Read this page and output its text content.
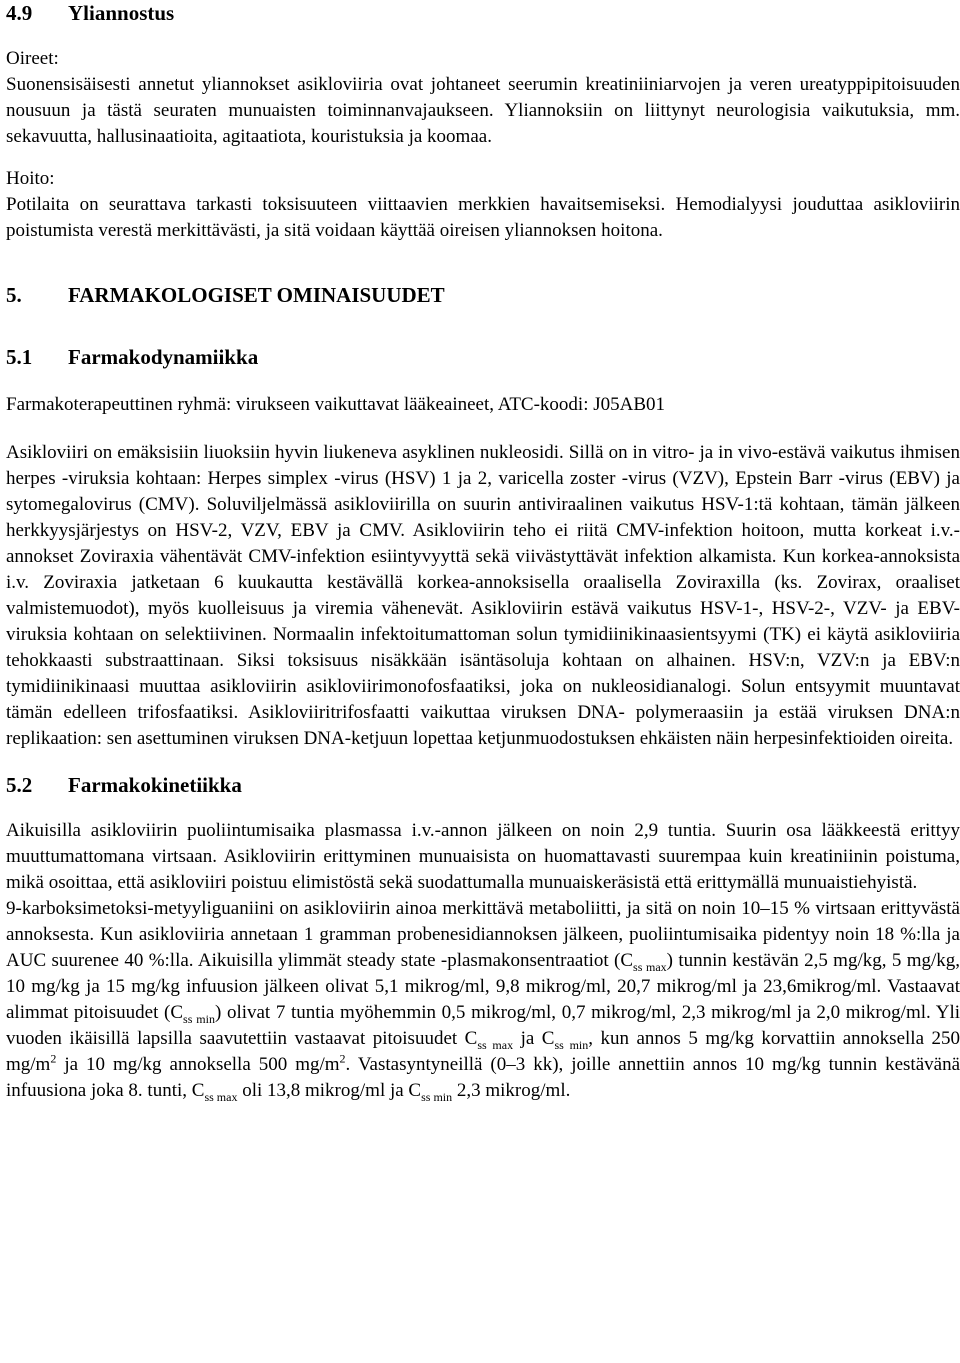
4.9 Yliannostus

Oireet:

Suonensisäisesti annetut yliannokset asikloviiria ovat johtaneet seerumin kreatiniiniarvojen ja veren ureatyppipitoisuuden nousuun ja tästä seuraten munuaisten toiminnanvajaukseen. Yliannoksiin on liittynyt neurologisia vaikutuksia, mm. sekavuutta, hallusinaatioita, agitaatiota, kouristuksia ja koomaa.

Hoito:

Potilaita on seurattava tarkasti toksisuuteen viittaavien merkkien havaitsemiseksi. Hemodialyysi jouduttaa asikloviirin poistumista verestä merkittävästi, ja sitä voidaan käyttää oireisen yliannoksen hoitona.

5. FARMAKOLOGISET OMINAISUUDET
5.1 Farmakodynamiikka

Farmakoterapeuttinen ryhmä: virukseen vaikuttavat lääkeaineet, ATC-koodi: J05AB01

Asikloviiri on emäksisiin liuoksiin hyvin liukeneva asyklinen nukleosidi. Sillä on in vitro- ja in vivo-estävä vaikutus ihmisen herpes -viruksia kohtaan: Herpes simplex -virus (HSV) 1 ja 2, varicella zoster -virus (VZV), Epstein Barr -virus (EBV) ja sytomegalovirus (CMV). Soluviljelmässä asikloviirilla on suurin antiviraalinen vaikutus HSV-1:tä kohtaan, tämän jälkeen herkkyysjärjestys on HSV-2, VZV, EBV ja CMV. Asikloviirin teho ei riitä CMV-infektion hoitoon, mutta korkeat i.v.-annokset Zoviraxia vähentävät CMV-infektion esiintyvyyttä sekä viivästyttävät infektion alkamista. Kun korkea-annoksista i.v. Zoviraxia jatketaan 6 kuukautta kestävällä korkea-annoksisella oraalisella Zoviraxilla (ks. Zovirax, oraaliset valmistemuodot), myös kuolleisuus ja viremia vähenevät. Asikloviirin estävä vaikutus HSV-1-, HSV-2-, VZV- ja EBV-viruksia kohtaan on selektiivinen. Normaalin infektoitumattoman solun tymidiinikinaasientsyymi (TK) ei käytä asikloviiria tehokkaasti substraattinaan. Siksi toksisuus nisäkkään isäntäsoluja kohtaan on alhainen. HSV:n, VZV:n ja EBV:n tymidiinikinaasi muuttaa asikloviirin asikloviirimonofosfaatiksi, joka on nukleosidianalogi. Solun entsyymit muuntavat tämän edelleen trifosfaatiksi. Asikloviiritrifosfaatti vaikuttaa viruksen DNA- polymeraasiin ja estää viruksen DNA:n replikaation: sen asettuminen viruksen DNA-ketjuun lopettaa ketjunmuodostuksen ehkäisten näin herpesinfektioiden oireita.

5.2 Farmakokinetiikka

Aikuisilla asikloviirin puoliintumisaika plasmassa i.v.-annon jälkeen on noin 2,9 tuntia. Suurin osa lääkkeestä erittyy muuttumattomana virtsaan. Asikloviirin erittyminen munuaisista on huomattavasti suurempaa kuin kreatiniinin poistuma, mikä osoittaa, että asikloviiri poistuu elimistöstä sekä suodattumalla munuaiskeräsistä että erittymällä munuaistiehyistä.

9-karboksimetoksi-metyyliguaniini on asikloviirin ainoa merkittävä metaboliitti, ja sitä on noin 10–15 % virtsaan erittyvästä annoksesta. Kun asikloviiria annetaan 1 gramman probenesidiannoksen jälkeen, puoliintumisaika pidentyy noin 18 %:lla ja AUC suurenee 40 %:lla. Aikuisilla ylimmät steady state -plasmakonsentraatiot $(C_{ss max})$ tunnin kestävän 2,5 mg/kg, 5 mg/kg, 10 mg/kg ja 15 mg/kg infuusion jälkeen olivat 5,1 mikrog/ml, 9,8 mikrog/ml, 20,7 mikrog/ml ja 23,6mikrog/ml. Vastaavat alimmat pitoisuudet $(C_{ss min})$ olivat 7 tuntia myöhemmin 0,5 mikrog/ml, 0,7 mikrog/ml, 2,3 mikrog/ml ja 2,0 mikrog/ml. Yli vuoden ikäisillä lapsilla saavutettiin vastaavat pitoisuudet $C_{ss max}$ ja $C_{ss min}$, kun annos 5 mg/kg korvattiin annoksella 250 $mg/m^2$ ja 10 mg/kg annoksella 500 $mg/m^2$. Vastasyntyneillä (0–3 kk), joille annettiin annos 10 mg/kg tunnin kestävänä infuusiona joka 8. tunti, $C_{ss max}$ oli 13,8 mikrog/ml ja $C_{ss min}$ 2,3 mikrog/ml.
